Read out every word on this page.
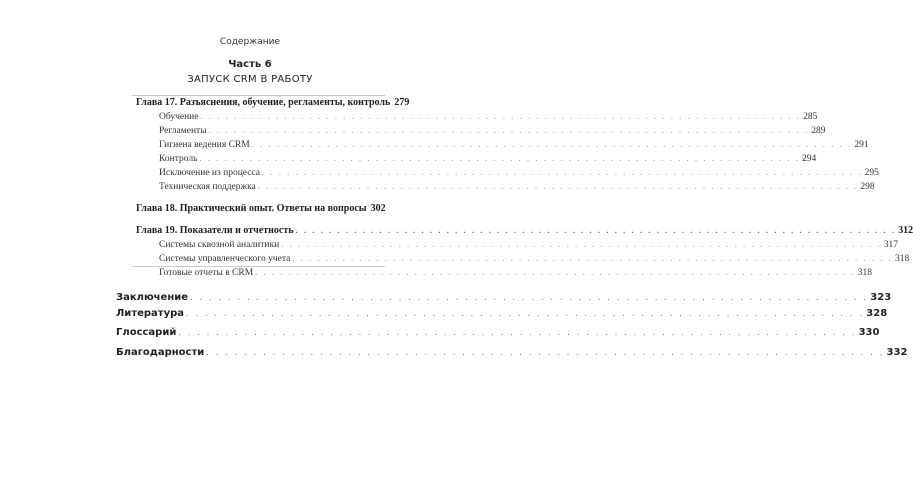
Содержание
Часть 6
ЗАПУСК CRM В РАБОТУ
Глава 17. Разъяснения, обучение, регламенты, контроль 279
Обучение . . . . . . . . . . . . . . . . . . . . . . . . . . . . . . . . . . . . . . . . . . . . . . . . . . . . . . . . . . . . . . . . . . . . . . . . 285
Регламенты . . . . . . . . . . . . . . . . . . . . . . . . . . . . . . . . . . . . . . . . . . . . . . . . . . . . . . . . . . . . . . . . . . . . . . . . 289
Гигиена ведения CRM . . . . . . . . . . . . . . . . . . . . . . . . . . . . . . . . . . . . . . . . . . . . . . . . . . . . . . . . . . . . . . . . . . . . . . . . 291
Контроль . . . . . . . . . . . . . . . . . . . . . . . . . . . . . . . . . . . . . . . . . . . . . . . . . . . . . . . . . . . . . . . . . . . . . . . . 294
Исключение из процесса . . . . . . . . . . . . . . . . . . . . . . . . . . . . . . . . . . . . . . . . . . . . . . . . . . . . . . . . . . . . . . . . . . . . . . . . 295
Техническая поддержка . . . . . . . . . . . . . . . . . . . . . . . . . . . . . . . . . . . . . . . . . . . . . . . . . . . . . . . . . . . . . . . . . . . . . . . . 298
Глава 18. Практический опыт. Ответы на вопросы 302
Глава 19. Показатели и отчетность . . . . . . . . . . . . . . . . . . . . . . . . . . . . . . . . . . . . . . . . . . . . . . . . . . . . . . . . . . . . . . . . . . . . . . . . 312
Системы сквозной аналитики . . . . . . . . . . . . . . . . . . . . . . . . . . . . . . . . . . . . . . . . . . . . . . . . . . . . . . . . . . . . . . . . . . . . . . . . 317
Системы управленческого учета . . . . . . . . . . . . . . . . . . . . . . . . . . . . . . . . . . . . . . . . . . . . . . . . . . . . . . . . . . . . . . . . . . . . . . . . 318
Готовые отчеты в CRM . . . . . . . . . . . . . . . . . . . . . . . . . . . . . . . . . . . . . . . . . . . . . . . . . . . . . . . . . . . . . . . . . . . . . . . . 318
Заключение . . . . . . . . . . . . . . . . . . . . . . . . . . . . . . . . . . . . . . . . . . . . . . . . . . . . . . . . . . . . . . . . . . . . . . . . 323
Литература . . . . . . . . . . . . . . . . . . . . . . . . . . . . . . . . . . . . . . . . . . . . . . . . . . . . . . . . . . . . . . . . . . . . . . . . 328
Глоссарий . . . . . . . . . . . . . . . . . . . . . . . . . . . . . . . . . . . . . . . . . . . . . . . . . . . . . . . . . . . . . . . . . . . . . . . . 330
Благодарности . . . . . . . . . . . . . . . . . . . . . . . . . . . . . . . . . . . . . . . . . . . . . . . . . . . . . . . . . . . . . . . . . . . . . . . . 332
